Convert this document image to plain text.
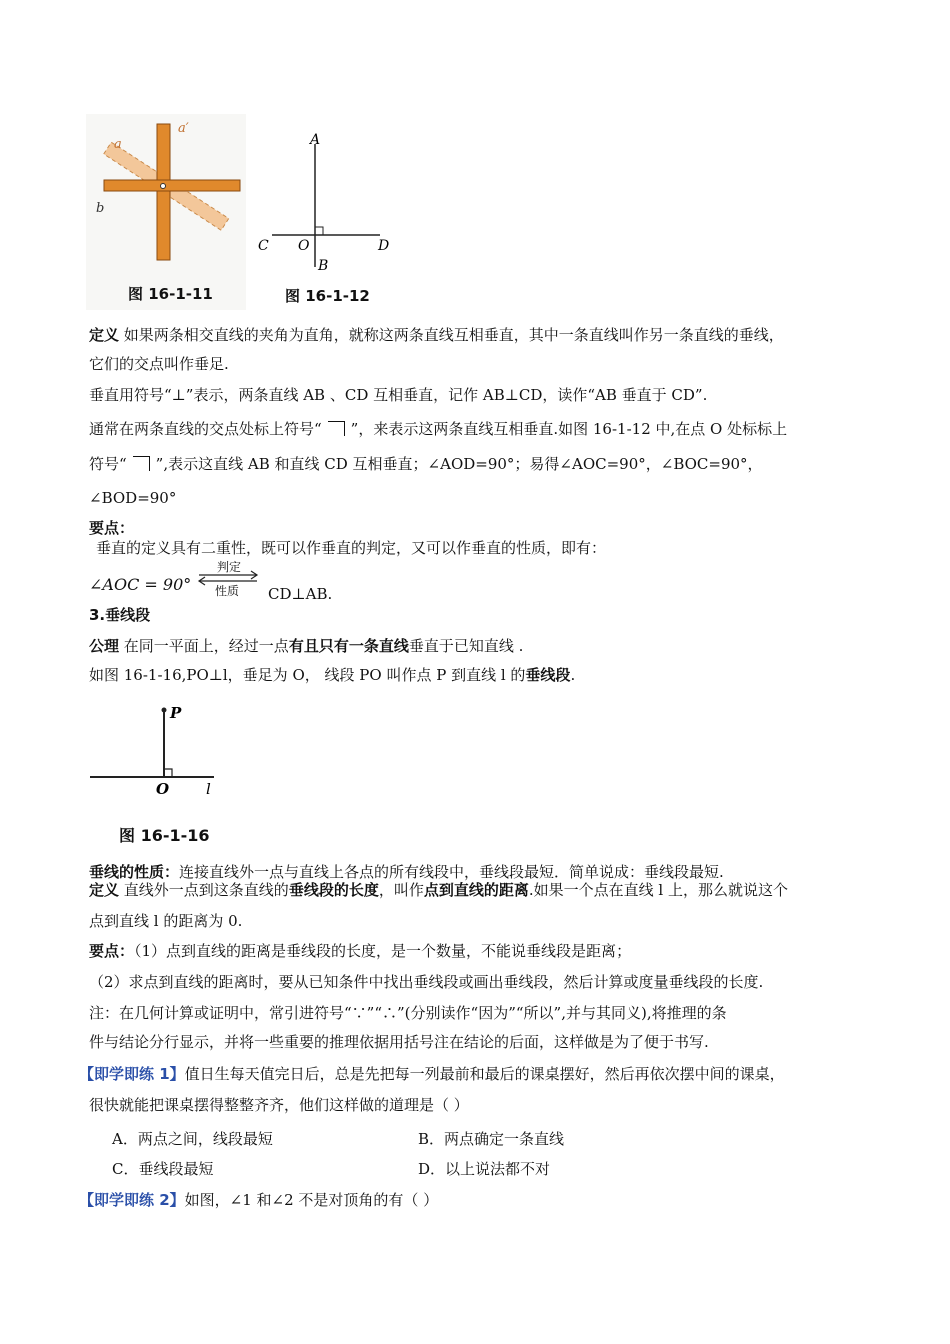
a
a′
b
图 16-1-11
A
B
C O	D
图 16-1-12
定义 如果两条相交直线的夹角为直角，就称这两条直线互相垂直，其中一条直线叫作另一条直线的垂线，
它们的交点叫作垂足.
垂直用符号“⊥”表示，两条直线 AB 、CD 互相垂直，记作 AB⊥CD，读作“AB 垂直于 CD”.
通常在两条直线的交点处标上符号“ ”，来表示这两条直线互相垂直.如图 16-1-12 中,在点 O 处标标上
符号“ ”,表示这直线 AB 和直线 CD 互相垂直；∠AOD=90°；易得∠AOC=90°，∠BOC=90°，
∠BOD=90°
要点：
垂直的定义具有二重性，既可以作垂直的判定，又可以作垂直的性质，即有：
∠AOC = 90°
判定
性质 CD⊥AB.
3.垂线段
公理 在同一平面上，经过一点有且只有一条直线垂直于已知直线 .
如图 16-1-16,PO⊥l，垂足为 O， 线段 PO 叫作点 P 到直线 l 的垂线段.
P
O l
图 16-1-16
垂线的性质：连接直线外一点与直线上各点的所有线段中，垂线段最短．简单说成：垂线段最短.
定义 直线外一点到这条直线的垂线段的长度，叫作点到直线的距离.如果一个点在直线 l 上，那么就说这个
点到直线 l 的距离为 0.
要点：（1）点到直线的距离是垂线段的长度，是一个数量，不能说垂线段是距离；
（2）求点到直线的距离时，要从已知条件中找出垂线段或画出垂线段，然后计算或度量垂线段的长度.
注：在几何计算或证明中，常引进符号“∵”“∴”(分别读作“因为”“所以”,并与其同义),将推理的条
件与结论分行显示，并将一些重要的推理依据用括号注在结论的后面，这样做是为了便于书写.
【即学即练 1】值日生每天值完日后，总是先把每一列最前和最后的课桌摆好，然后再依次摆中间的课桌，
很快就能把课桌摆得整整齐齐，他们这样做的道理是（ ）
A．两点之间，线段最短	B．两点确定一条直线
C．垂线段最短	D．以上说法都不对
【即学即练 2】如图，∠1 和∠2 不是对顶角的有（ ）
